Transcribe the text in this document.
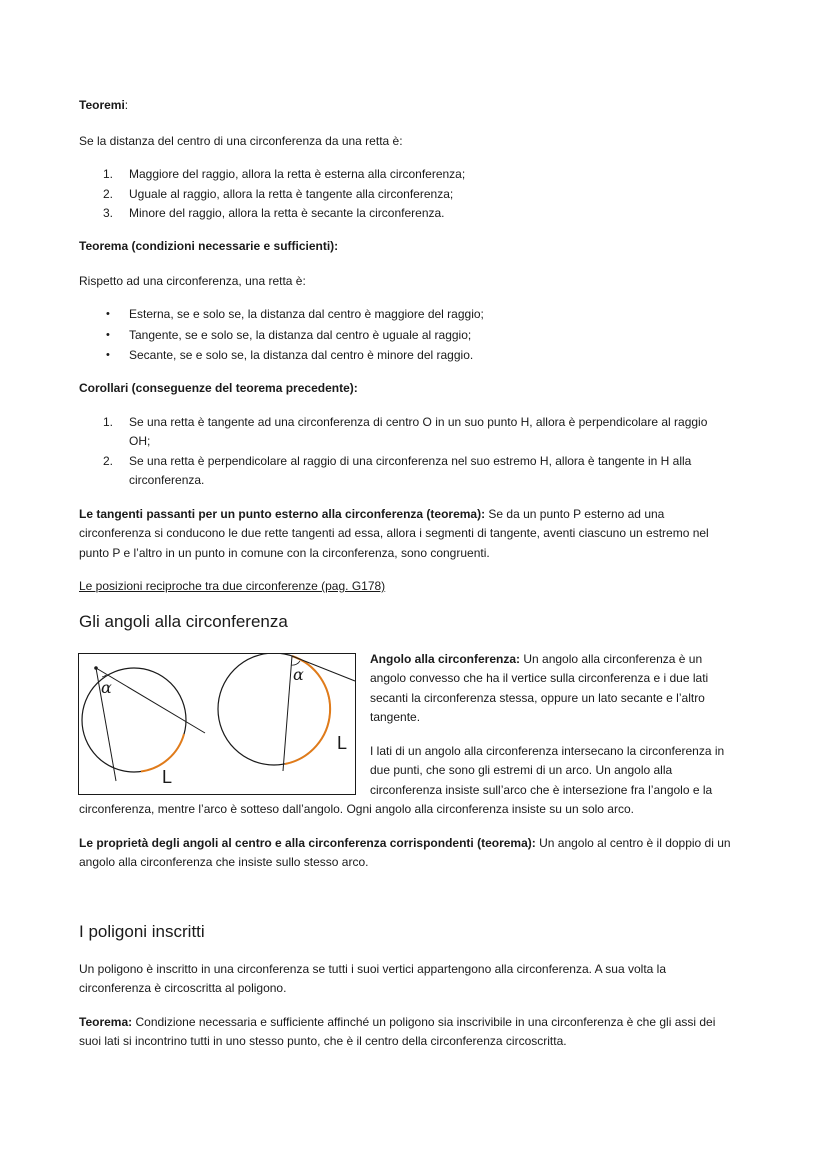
Teoremi:
Se la distanza del centro di una circonferenza da una retta è:
1. Maggiore del raggio, allora la retta è esterna alla circonferenza;
2. Uguale al raggio, allora la retta è tangente alla circonferenza;
3. Minore del raggio, allora la retta è secante la circonferenza.
Teorema (condizioni necessarie e sufficienti):
Rispetto ad una circonferenza, una retta è:
• Esterna, se e solo se, la distanza dal centro è maggiore del raggio;
• Tangente, se e solo se, la distanza dal centro è uguale al raggio;
• Secante, se e solo se, la distanza dal centro è minore del raggio.
Corollari (conseguenze del teorema precedente):
1. Se una retta è tangente ad una circonferenza di centro O in un suo punto H, allora è perpendicolare al raggio
OH;
2. Se una retta è perpendicolare al raggio di una circonferenza nel suo estremo H, allora è tangente in H alla
circonferenza.
Le tangenti passanti per un punto esterno alla circonferenza (teorema): Se da un punto P esterno ad una
circonferenza si conducono le due rette tangenti ad essa, allora i segmenti di tangente, aventi ciascuno un estremo nel
punto P e l’altro in un punto in comune con la circonferenza, sono congruenti.
Le posizioni reciproche tra due circonferenze (pag. G178)
Gli angoli alla circonferenza
α
L
α
L
Angolo alla circonferenza: Un angolo alla circonferenza è un
angolo convesso che ha il vertice sulla circonferenza e i due lati
secanti la circonferenza stessa, oppure un lato secante e l’altro
tangente.
I lati di un angolo alla circonferenza intersecano la circonferenza in
due punti, che sono gli estremi di un arco. Un angolo alla
circonferenza insiste sull’arco che è intersezione fra l’angolo e la
circonferenza, mentre l’arco è sotteso dall’angolo. Ogni angolo alla circonferenza insiste su un solo arco.
Le proprietà degli angoli al centro e alla circonferenza corrispondenti (teorema): Un angolo al centro è il doppio di un
angolo alla circonferenza che insiste sullo stesso arco.
I poligoni inscritti
Un poligono è inscritto in una circonferenza se tutti i suoi vertici appartengono alla circonferenza. A sua volta la
circonferenza è circoscritta al poligono.
Teorema: Condizione necessaria e sufficiente affinché un poligono sia inscrivibile in una circonferenza è che gli assi dei
suoi lati si incontrino tutti in uno stesso punto, che è il centro della circonferenza circoscritta.
